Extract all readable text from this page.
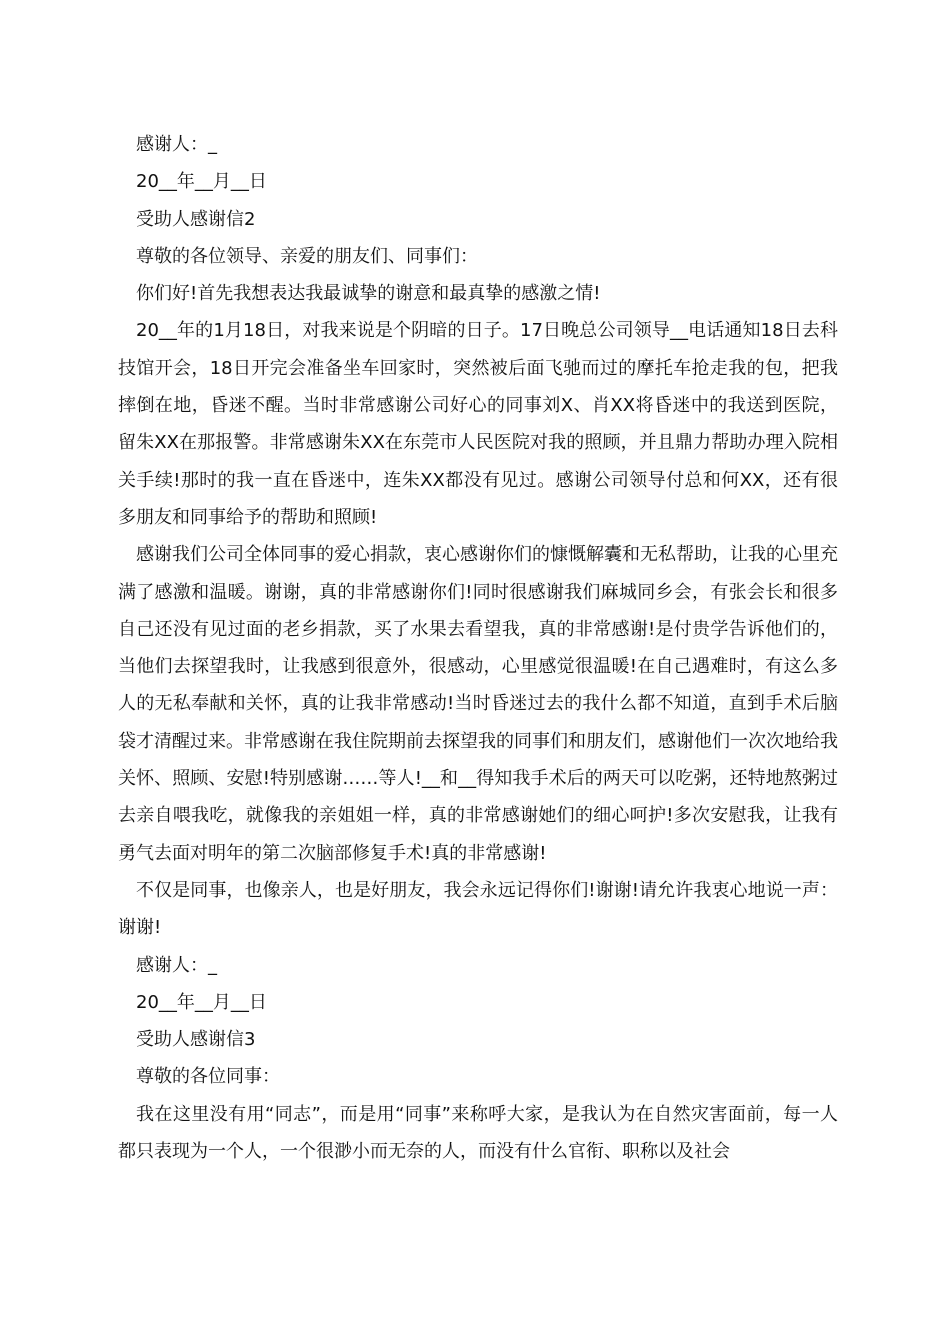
感谢人：_

20__年__月__日

受助人感谢信2

尊敬的各位领导、亲爱的朋友们、同事们：

你们好!首先我想表达我最诚挚的谢意和最真挚的感激之情!

20__年的1月18日，对我来说是个阴暗的日子。17日晚总公司领导__电话通知18日去科技馆开会，18日开完会准备坐车回家时，突然被后面飞驰而过的摩托车抢走我的包，把我摔倒在地，昏迷不醒。当时非常感谢公司好心的同事刘X、肖XX将昏迷中的我送到医院，留朱XX在那报警。非常感谢朱XX在东莞市人民医院对我的照顾，并且鼎力帮助办理入院相关手续!那时的我一直在昏迷中，连朱XX都没有见过。感谢公司领导付总和何XX，还有很多朋友和同事给予的帮助和照顾!

感谢我们公司全体同事的爱心捐款，衷心感谢你们的慷慨解囊和无私帮助，让我的心里充满了感激和温暖。谢谢，真的非常感谢你们!同时很感谢我们麻城同乡会，有张会长和很多自己还没有见过面的老乡捐款，买了水果去看望我，真的非常感谢!是付贵学告诉他们的，当他们去探望我时，让我感到很意外，很感动，心里感觉很温暖!在自己遇难时，有这么多人的无私奉献和关怀，真的让我非常感动!当时昏迷过去的我什么都不知道，直到手术后脑袋才清醒过来。非常感谢在我住院期前去探望我的同事们和朋友们，感谢他们一次次地给我关怀、照顾、安慰!特别感谢……等人!__和__得知我手术后的两天可以吃粥，还特地熬粥过去亲自喂我吃，就像我的亲姐姐一样，真的非常感谢她们的细心呵护!多次安慰我，让我有勇气去面对明年的第二次脑部修复手术!真的非常感谢!

不仅是同事，也像亲人，也是好朋友，我会永远记得你们!谢谢!请允许我衷心地说一声：谢谢!

感谢人：_

20__年__月__日

受助人感谢信3

尊敬的各位同事：

我在这里没有用“同志”，而是用“同事”来称呼大家，是我认为在自然灾害面前，每一人都只表现为一个人，一个很渺小而无奈的人，而没有什么官衔、职称以及社会
